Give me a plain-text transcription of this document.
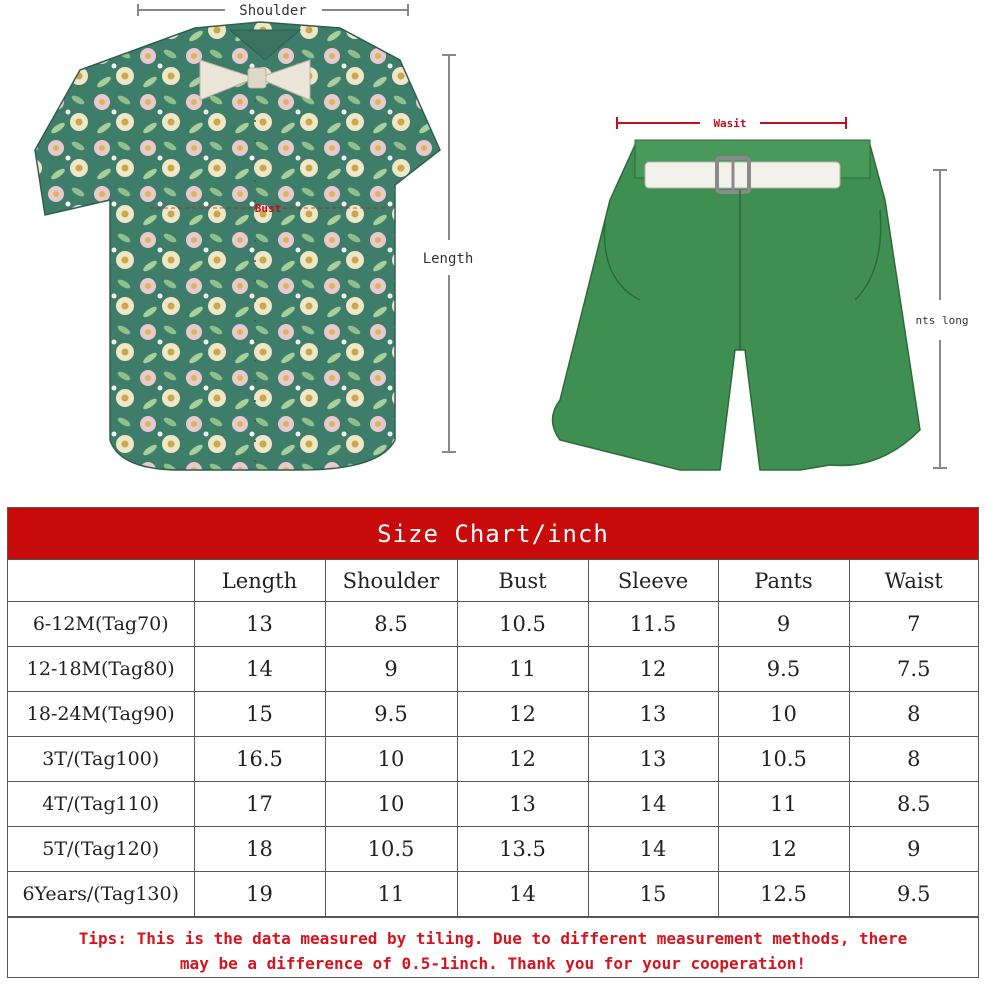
Shoulder
Bust
Length
Wasit
nts long
Size Chart/inch
	Length	Shoulder	Bust	Sleeve	Pants	Waist
6-12M(Tag70)	13	8.5	10.5	11.5	9	7
12-18M(Tag80)	14	9	11	12	9.5	7.5
18-24M(Tag90)	15	9.5	12	13	10	8
3T/(Tag100)	16.5	10	12	13	10.5	8
4T/(Tag110)	17	10	13	14	11	8.5
5T/(Tag120)	18	10.5	13.5	14	12	9
6Years/(Tag130)	19	11	14	15	12.5	9.5
Tips: This is the data measured by tiling. Due to different measurement methods, there
may be a difference of 0.5-1inch. Thank you for your cooperation!
